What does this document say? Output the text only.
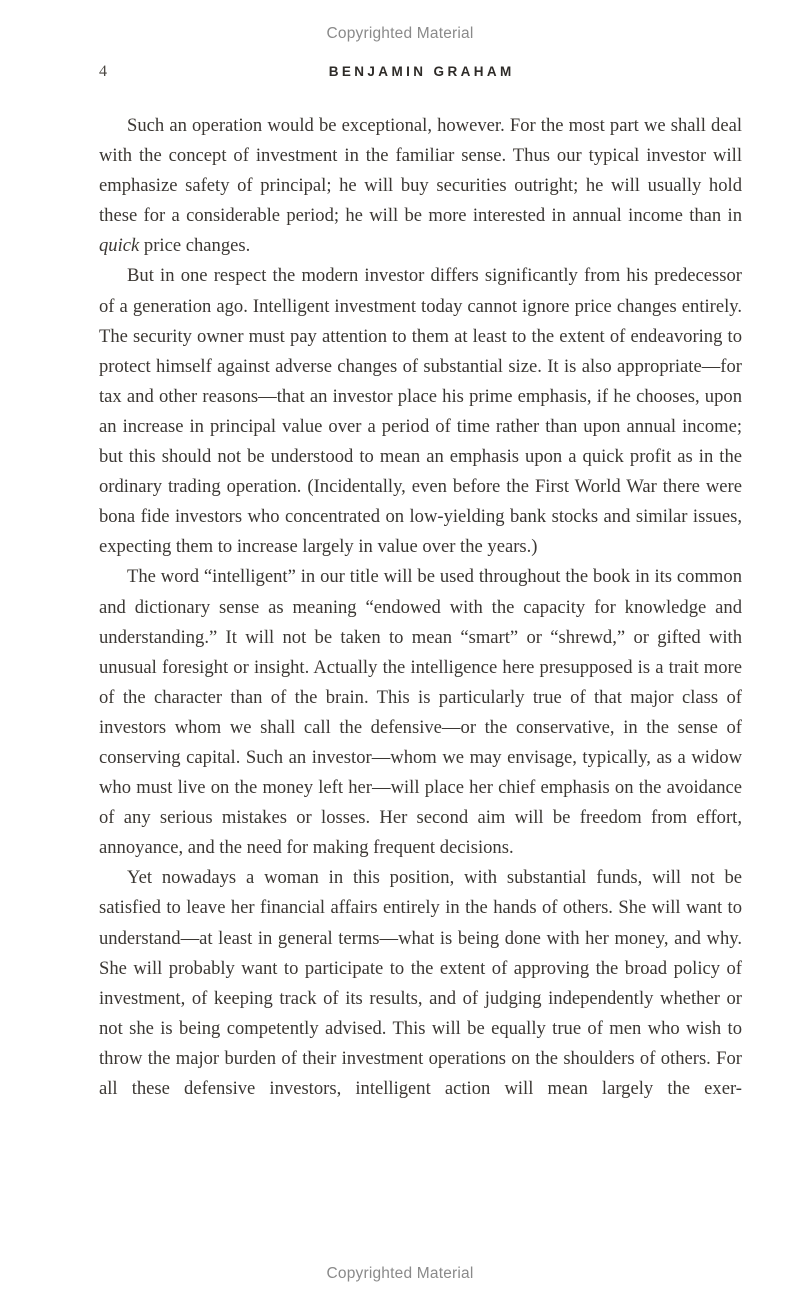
Copyrighted Material
4	BENJAMIN GRAHAM

Such an operation would be exceptional, however. For the most part we shall deal with the concept of investment in the familiar sense. Thus our typical investor will emphasize safety of principal; he will buy securities outright; he will usually hold these for a considerable period; he will be more interested in annual income than in quick price changes.

But in one respect the modern investor differs significantly from his predecessor of a generation ago. Intelligent investment today cannot ignore price changes entirely. The security owner must pay attention to them at least to the extent of endeavoring to protect himself against adverse changes of substantial size. It is also appropriate—for tax and other reasons—that an investor place his prime emphasis, if he chooses, upon an increase in principal value over a period of time rather than upon annual income; but this should not be understood to mean an emphasis upon a quick profit as in the ordinary trading operation. (Incidentally, even before the First World War there were bona fide investors who concentrated on low-yielding bank stocks and similar issues, expecting them to increase largely in value over the years.)

The word “intelligent” in our title will be used throughout the book in its common and dictionary sense as meaning “endowed with the capacity for knowledge and understanding.” It will not be taken to mean “smart” or “shrewd,” or gifted with unusual foresight or insight. Actually the intelligence here presupposed is a trait more of the character than of the brain. This is particularly true of that major class of investors whom we shall call the defensive—or the conservative, in the sense of conserving capital. Such an investor—whom we may envisage, typically, as a widow who must live on the money left her—will place her chief emphasis on the avoidance of any serious mistakes or losses. Her second aim will be freedom from effort, annoyance, and the need for making frequent decisions.

Yet nowadays a woman in this position, with substantial funds, will not be satisfied to leave her financial affairs entirely in the hands of others. She will want to understand—at least in general terms—what is being done with her money, and why. She will probably want to participate to the extent of approving the broad policy of investment, of keeping track of its results, and of judging independently whether or not she is being competently advised. This will be equally true of men who wish to throw the major burden of their investment operations on the shoulders of others. For all these defensive investors, intelligent action will mean largely the exer-

Copyrighted Material
